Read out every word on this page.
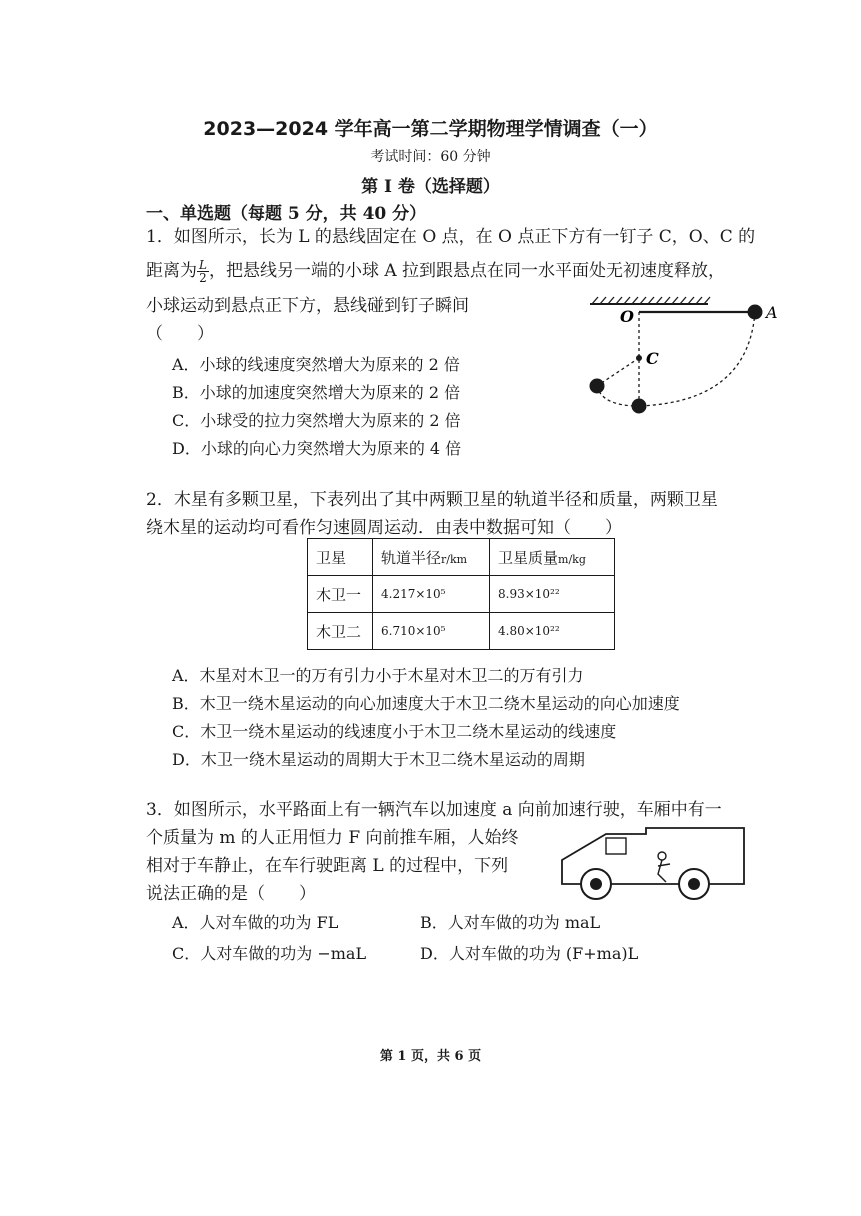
2023—2024 学年高一第二学期物理学情调查（一）
考试时间：60 分钟
第 I 卷（选择题）
一、单选题（每题 5 分，共 40 分）
1．如图所示，长为 L 的悬线固定在 O 点，在 O 点正下方有一钉子 C，O、C 的
距离为 $\frac{L}{2}$ ，把悬线另一端的小球 A 拉到跟悬点在同一水平面处无初速度释放，
小球运动到悬点正下方，悬线碰到钉子瞬间
（　　）
A．小球的线速度突然增大为原来的 2 倍
B．小球的加速度突然增大为原来的 2 倍
C．小球受的拉力突然增大为原来的 2 倍
D．小球的向心力突然增大为原来的 4 倍
O
C
A
2．木星有多颗卫星，下表列出了其中两颗卫星的轨道半径和质量，两颗卫星
绕木星的运动均可看作匀速圆周运动．由表中数据可知（　　）
卫星	轨道半径r/km	卫星质量m/kg
木卫一	4.217×10⁵	8.93×10²²
木卫二	6.710×10⁵	4.80×10²²
A．木星对木卫一的万有引力小于木星对木卫二的万有引力
B．木卫一绕木星运动的向心加速度大于木卫二绕木星运动的向心加速度
C．木卫一绕木星运动的线速度小于木卫二绕木星运动的线速度
D．木卫一绕木星运动的周期大于木卫二绕木星运动的周期
3．如图所示，水平路面上有一辆汽车以加速度 a 向前加速行驶，车厢中有一
个质量为 m 的人正用恒力 F 向前推车厢，人始终
相对于车静止，在车行驶距离 L 的过程中，下列
说法正确的是（　　）
A．人对车做的功为 FL	B．人对车做的功为 maL
C．人对车做的功为 −maL	D．人对车做的功为 (F+ma)L
第 1 页，共 6 页
